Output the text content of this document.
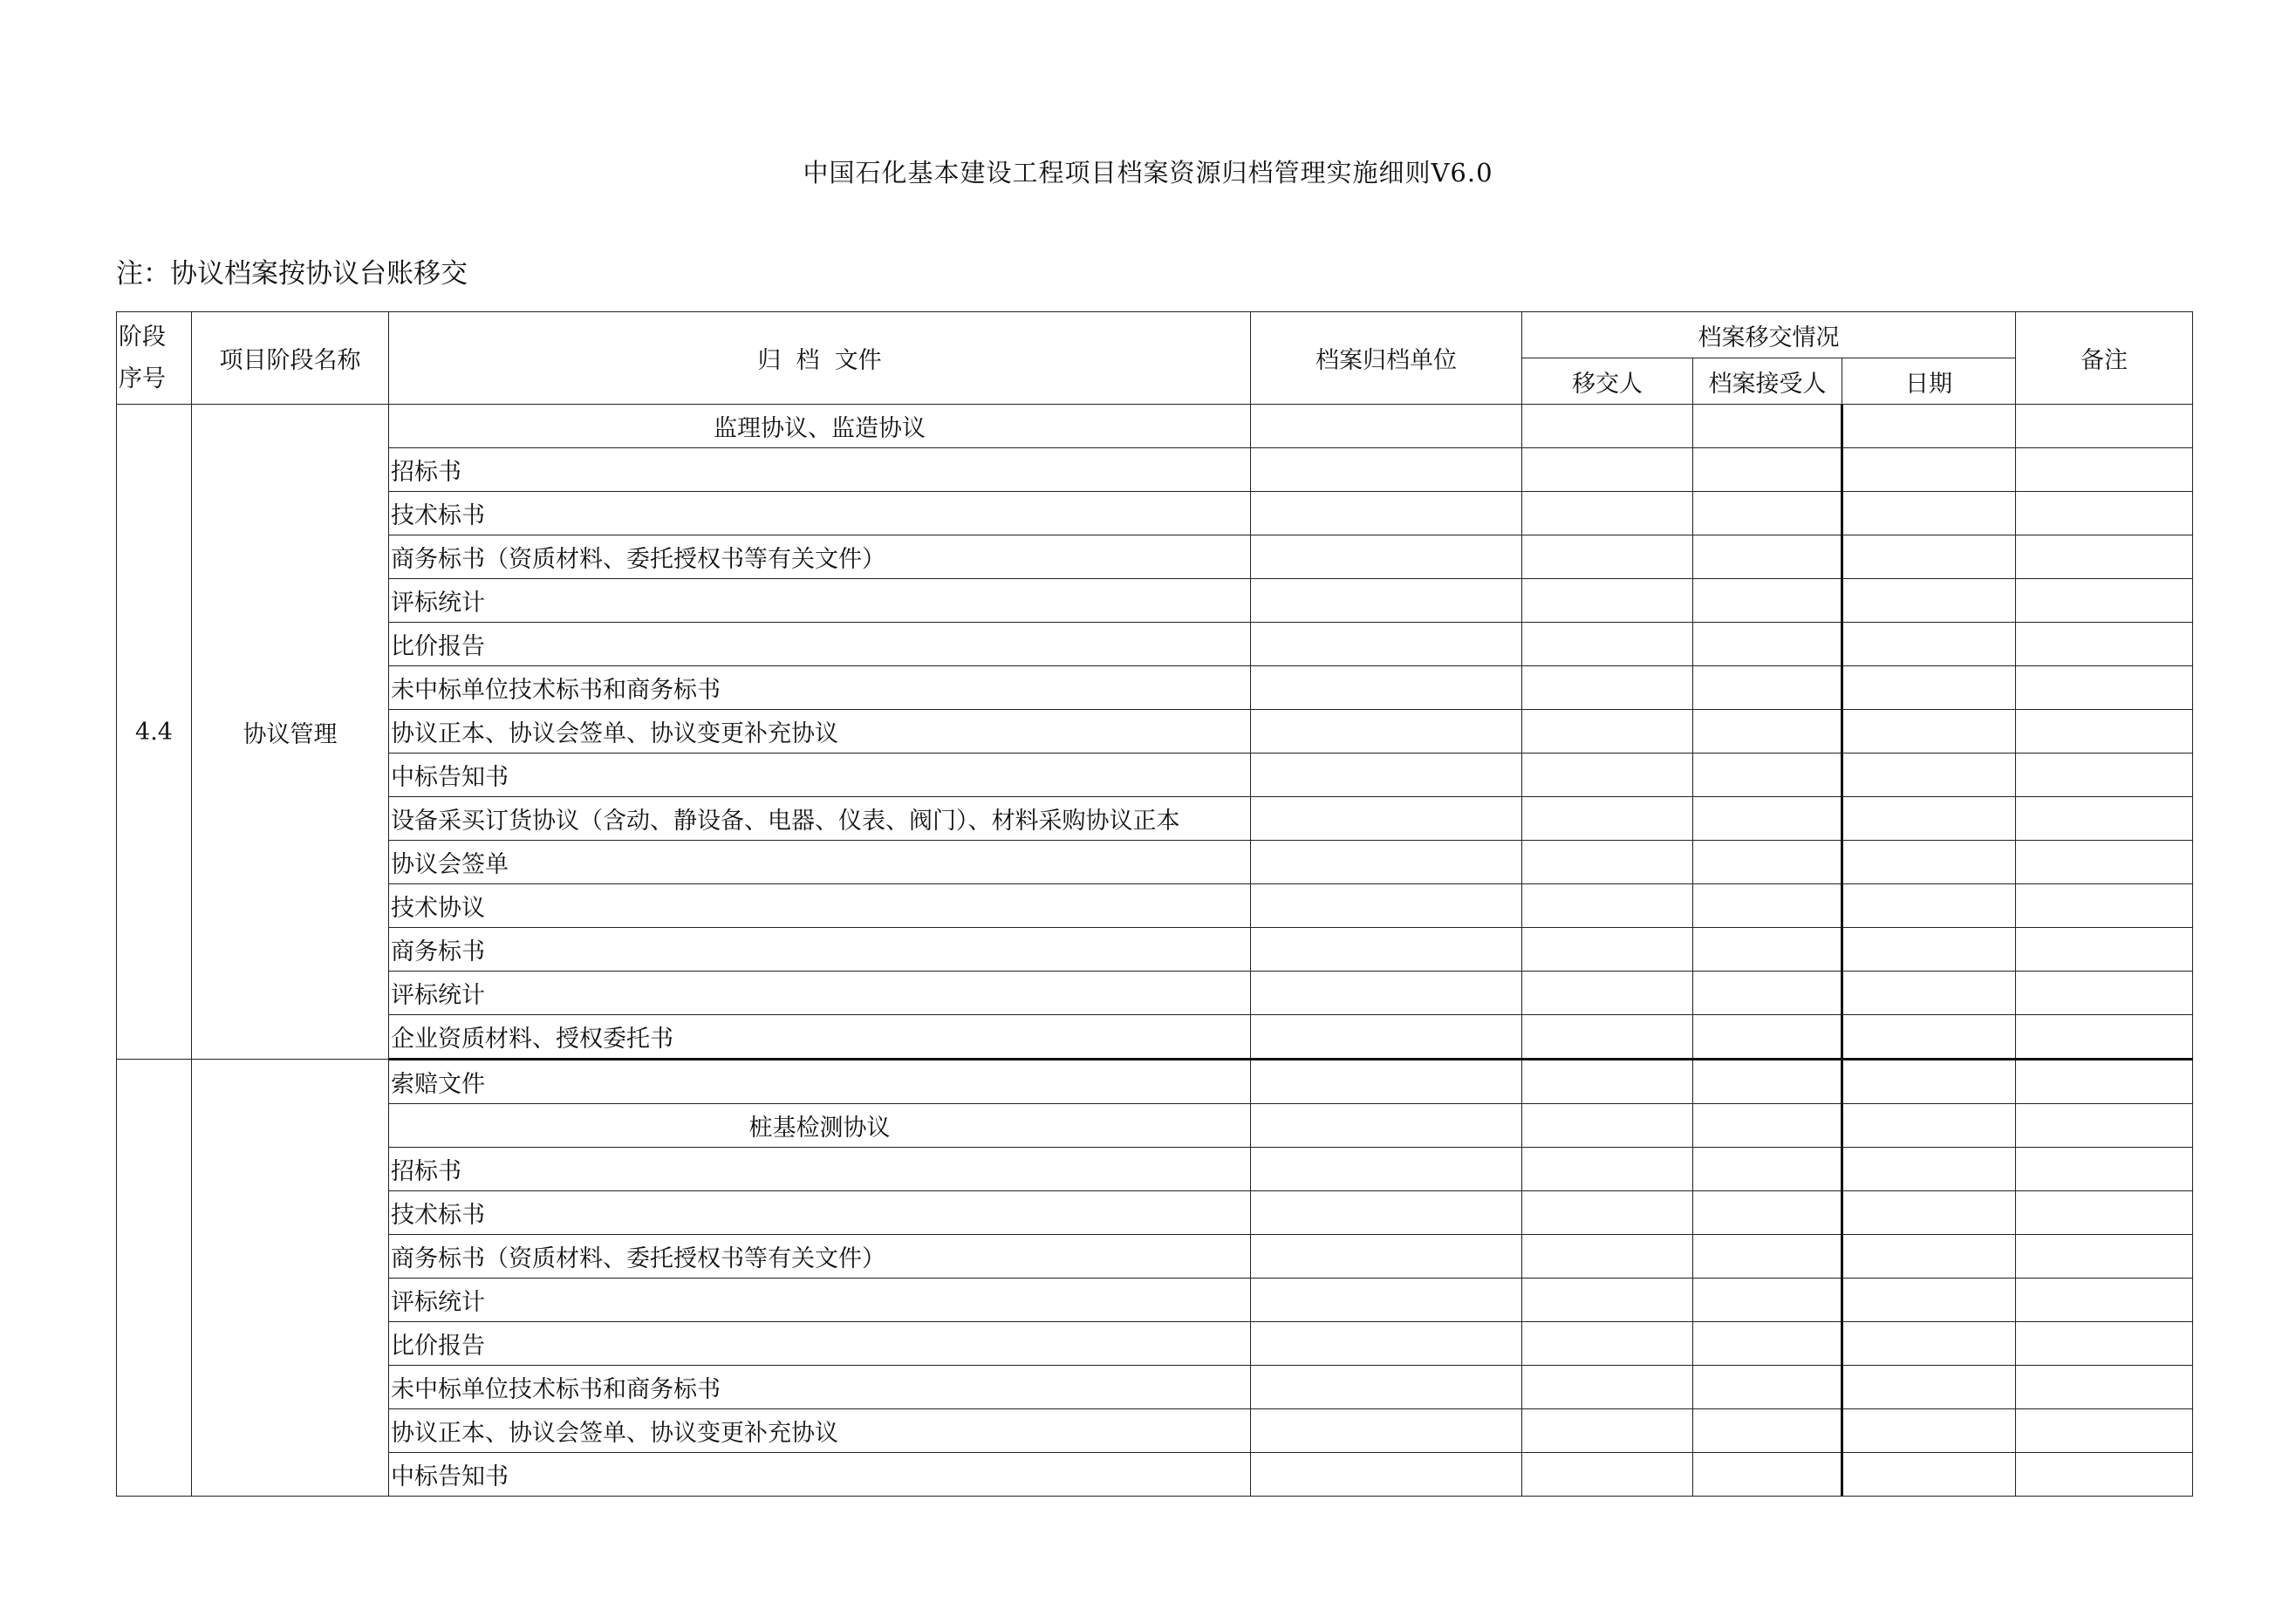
中国石化基本建设工程项目档案资源归档管理实施细则V6.0
注：协议档案按协议台账移交
阶段
序号	项目阶段名称	归  档  文件	档案归档单位	档案移交情况			备注
				移交人	档案接受人	日期	
4.4	协议管理	监理协议、监造协议					
		招标书					
		技术标书					
		商务标书（资质材料、委托授权书等有关文件）					
		评标统计					
		比价报告					
		未中标单位技术标书和商务标书					
		协议正本、协议会签单、协议变更补充协议					
		中标告知书					
		设备采买订货协议（含动、静设备、电器、仪表、阀门）、材料采购协议正本					
		协议会签单					
		技术协议					
		商务标书					
		评标统计					
		企业资质材料、授权委托书					
		索赔文件					
		桩基检测协议					
		招标书					
		技术标书					
		商务标书（资质材料、委托授权书等有关文件）					
		评标统计					
		比价报告					
		未中标单位技术标书和商务标书					
		协议正本、协议会签单、协议变更补充协议					
		中标告知书					
